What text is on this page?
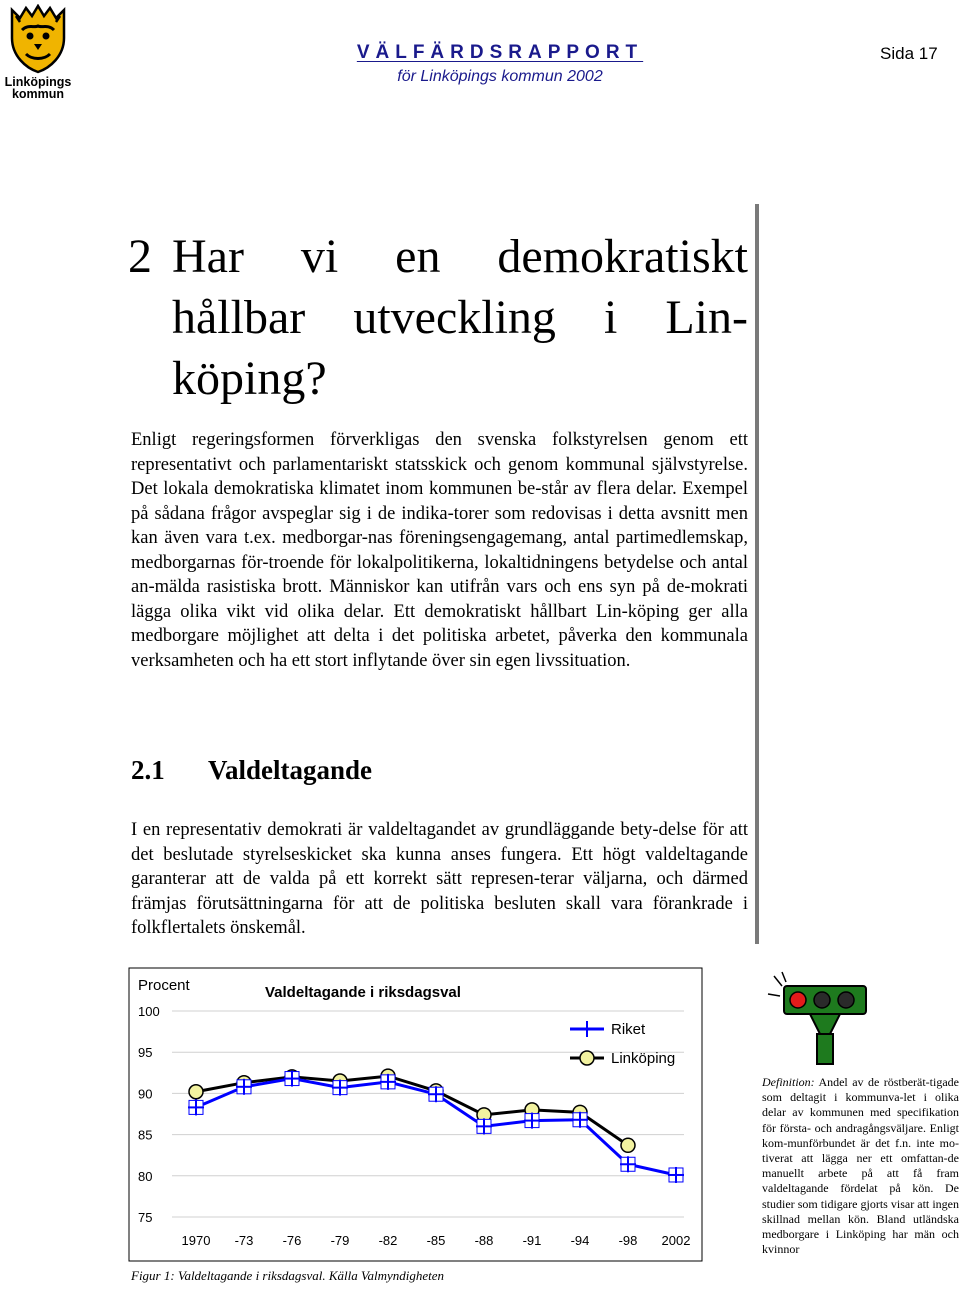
Linköpings
kommun
VÄLFÄRDSRAPPORT
för Linköpings kommun 2002
Sida 17
2 Har vi en demokratiskt hållbar utveckling i Lin-köping?
Enligt regeringsformen förverkligas den svenska folkstyrelsen genom ett representativt och parlamentariskt statsskick och genom kommunal självstyrelse. Det lokala demokratiska klimatet inom kommunen be-står av flera delar. Exempel på sådana frågor avspeglar sig i de indika-torer som redovisas i detta avsnitt men kan även vara t.ex. medborgar-nas föreningsengagemang, antal partimedlemskap, medborgarnas för-troende för lokalpolitikerna, lokaltidningens betydelse och antal an-mälda rasistiska brott. Människor kan utifrån vars och ens syn på de-mokrati lägga olika vikt vid olika delar. Ett demokratiskt hållbart Lin-köping ger alla medborgare möjlighet att delta i det politiska arbetet, påverka den kommunala verksamheten och ha ett stort inflytande över sin egen livssituation.
2.1 Valdeltagande
I en representativ demokrati är valdeltagandet av grundläggande bety-delse för att det beslutade styrelseskicket ska kunna anses fungera. Ett högt valdeltagande garanterar att de valda på ett korrekt sätt represen-terar väljarna, och därmed främjas förutsättningarna för att de politiska besluten skall vara förankrade i folkflertalets önskemål.
Procent	Valdeltagande i riksdagsval
100
95
90
85
80
75
1970 -73 -76 -79 -82 -85 -88 -91 -94 -98 2002
Riket
Linköping
Figur 1: Valdeltagande i riksdagsval. Källa Valmyndigheten
Definition: Andel av de röstberät-tigade som deltagit i kommunva-let i olika delar av kommunen med specifikation för första- och andragångsväljare. Enligt kom-munförbundet är det f.n. inte mo-tiverat att lägga ner ett omfattan-de manuellt arbete på att få fram valdeltagande fördelat på kön. De studier som tidigare gjorts visar att ingen skillnad mellan kön. Bland utländska medborgare i Linköping har män och kvinnor
